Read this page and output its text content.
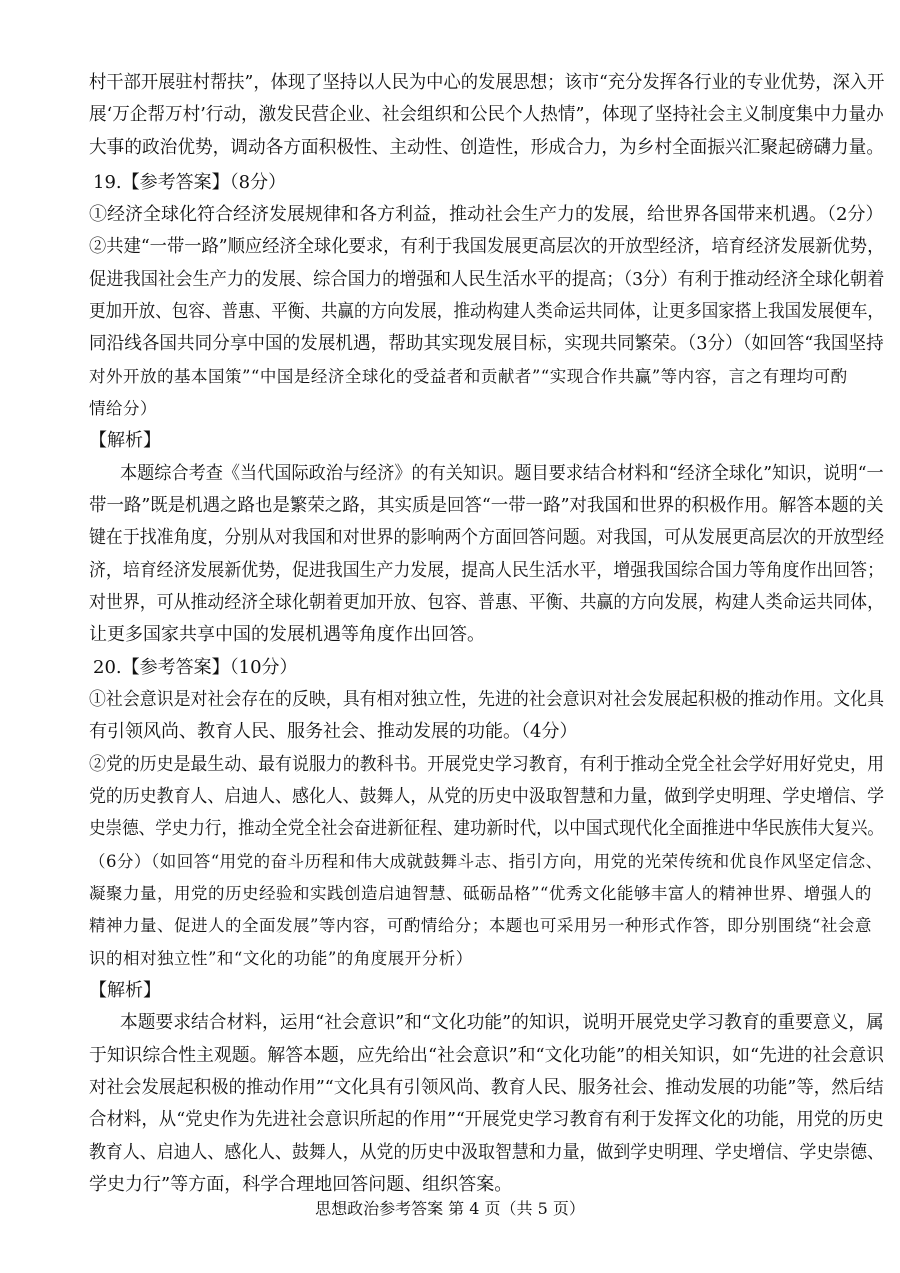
村干部开展驻村帮扶”，体现了坚持以人民为中心的发展思想；该市“充分发挥各行业的专业优势，深入开
展‘万企帮万村’行动，激发民营企业、社会组织和公民个人热情”，体现了坚持社会主义制度集中力量办
大事的政治优势，调动各方面积极性、主动性、创造性，形成合力，为乡村全面振兴汇聚起磅礴力量。
19.【参考答案】（8分）
①经济全球化符合经济发展规律和各方利益，推动社会生产力的发展，给世界各国带来机遇。（2分）
②共建“一带一路”顺应经济全球化要求，有利于我国发展更高层次的开放型经济，培育经济发展新优势，
促进我国社会生产力的发展、综合国力的增强和人民生活水平的提高；（3分）有利于推动经济全球化朝着
更加开放、包容、普惠、平衡、共赢的方向发展，推动构建人类命运共同体，让更多国家搭上我国发展便车，
同沿线各国共同分享中国的发展机遇，帮助其实现发展目标，实现共同繁荣。（3分）（如回答“我国坚持
对外开放的基本国策”“中国是经济全球化的受益者和贡献者”“实现合作共赢”等内容，言之有理均可酌
情给分）
【解析】
本题综合考查《当代国际政治与经济》的有关知识。题目要求结合材料和“经济全球化”知识，说明“一
带一路”既是机遇之路也是繁荣之路，其实质是回答“一带一路”对我国和世界的积极作用。解答本题的关
键在于找准角度，分别从对我国和对世界的影响两个方面回答问题。对我国，可从发展更高层次的开放型经
济，培育经济发展新优势，促进我国生产力发展，提高人民生活水平，增强我国综合国力等角度作出回答；
对世界，可从推动经济全球化朝着更加开放、包容、普惠、平衡、共赢的方向发展，构建人类命运共同体，
让更多国家共享中国的发展机遇等角度作出回答。
20.【参考答案】（10分）
①社会意识是对社会存在的反映，具有相对独立性，先进的社会意识对社会发展起积极的推动作用。文化具
有引领风尚、教育人民、服务社会、推动发展的功能。（4分）
②党的历史是最生动、最有说服力的教科书。开展党史学习教育，有利于推动全党全社会学好用好党史，用
党的历史教育人、启迪人、感化人、鼓舞人，从党的历史中汲取智慧和力量，做到学史明理、学史增信、学
史崇德、学史力行，推动全党全社会奋进新征程、建功新时代，以中国式现代化全面推进中华民族伟大复兴。
（6分）（如回答“用党的奋斗历程和伟大成就鼓舞斗志、指引方向，用党的光荣传统和优良作风坚定信念、
凝聚力量，用党的历史经验和实践创造启迪智慧、砥砺品格”“优秀文化能够丰富人的精神世界、增强人的
精神力量、促进人的全面发展”等内容，可酌情给分；本题也可采用另一种形式作答，即分别围绕“社会意
识的相对独立性”和“文化的功能”的角度展开分析）
【解析】
本题要求结合材料，运用“社会意识”和“文化功能”的知识，说明开展党史学习教育的重要意义，属
于知识综合性主观题。解答本题，应先给出“社会意识”和“文化功能”的相关知识，如“先进的社会意识
对社会发展起积极的推动作用”“文化具有引领风尚、教育人民、服务社会、推动发展的功能”等，然后结
合材料，从“党史作为先进社会意识所起的作用”“开展党史学习教育有利于发挥文化的功能，用党的历史
教育人、启迪人、感化人、鼓舞人，从党的历史中汲取智慧和力量，做到学史明理、学史增信、学史崇德、
学史力行”等方面，科学合理地回答问题、组织答案。
思想政治参考答案 第 4 页（共 5 页）
